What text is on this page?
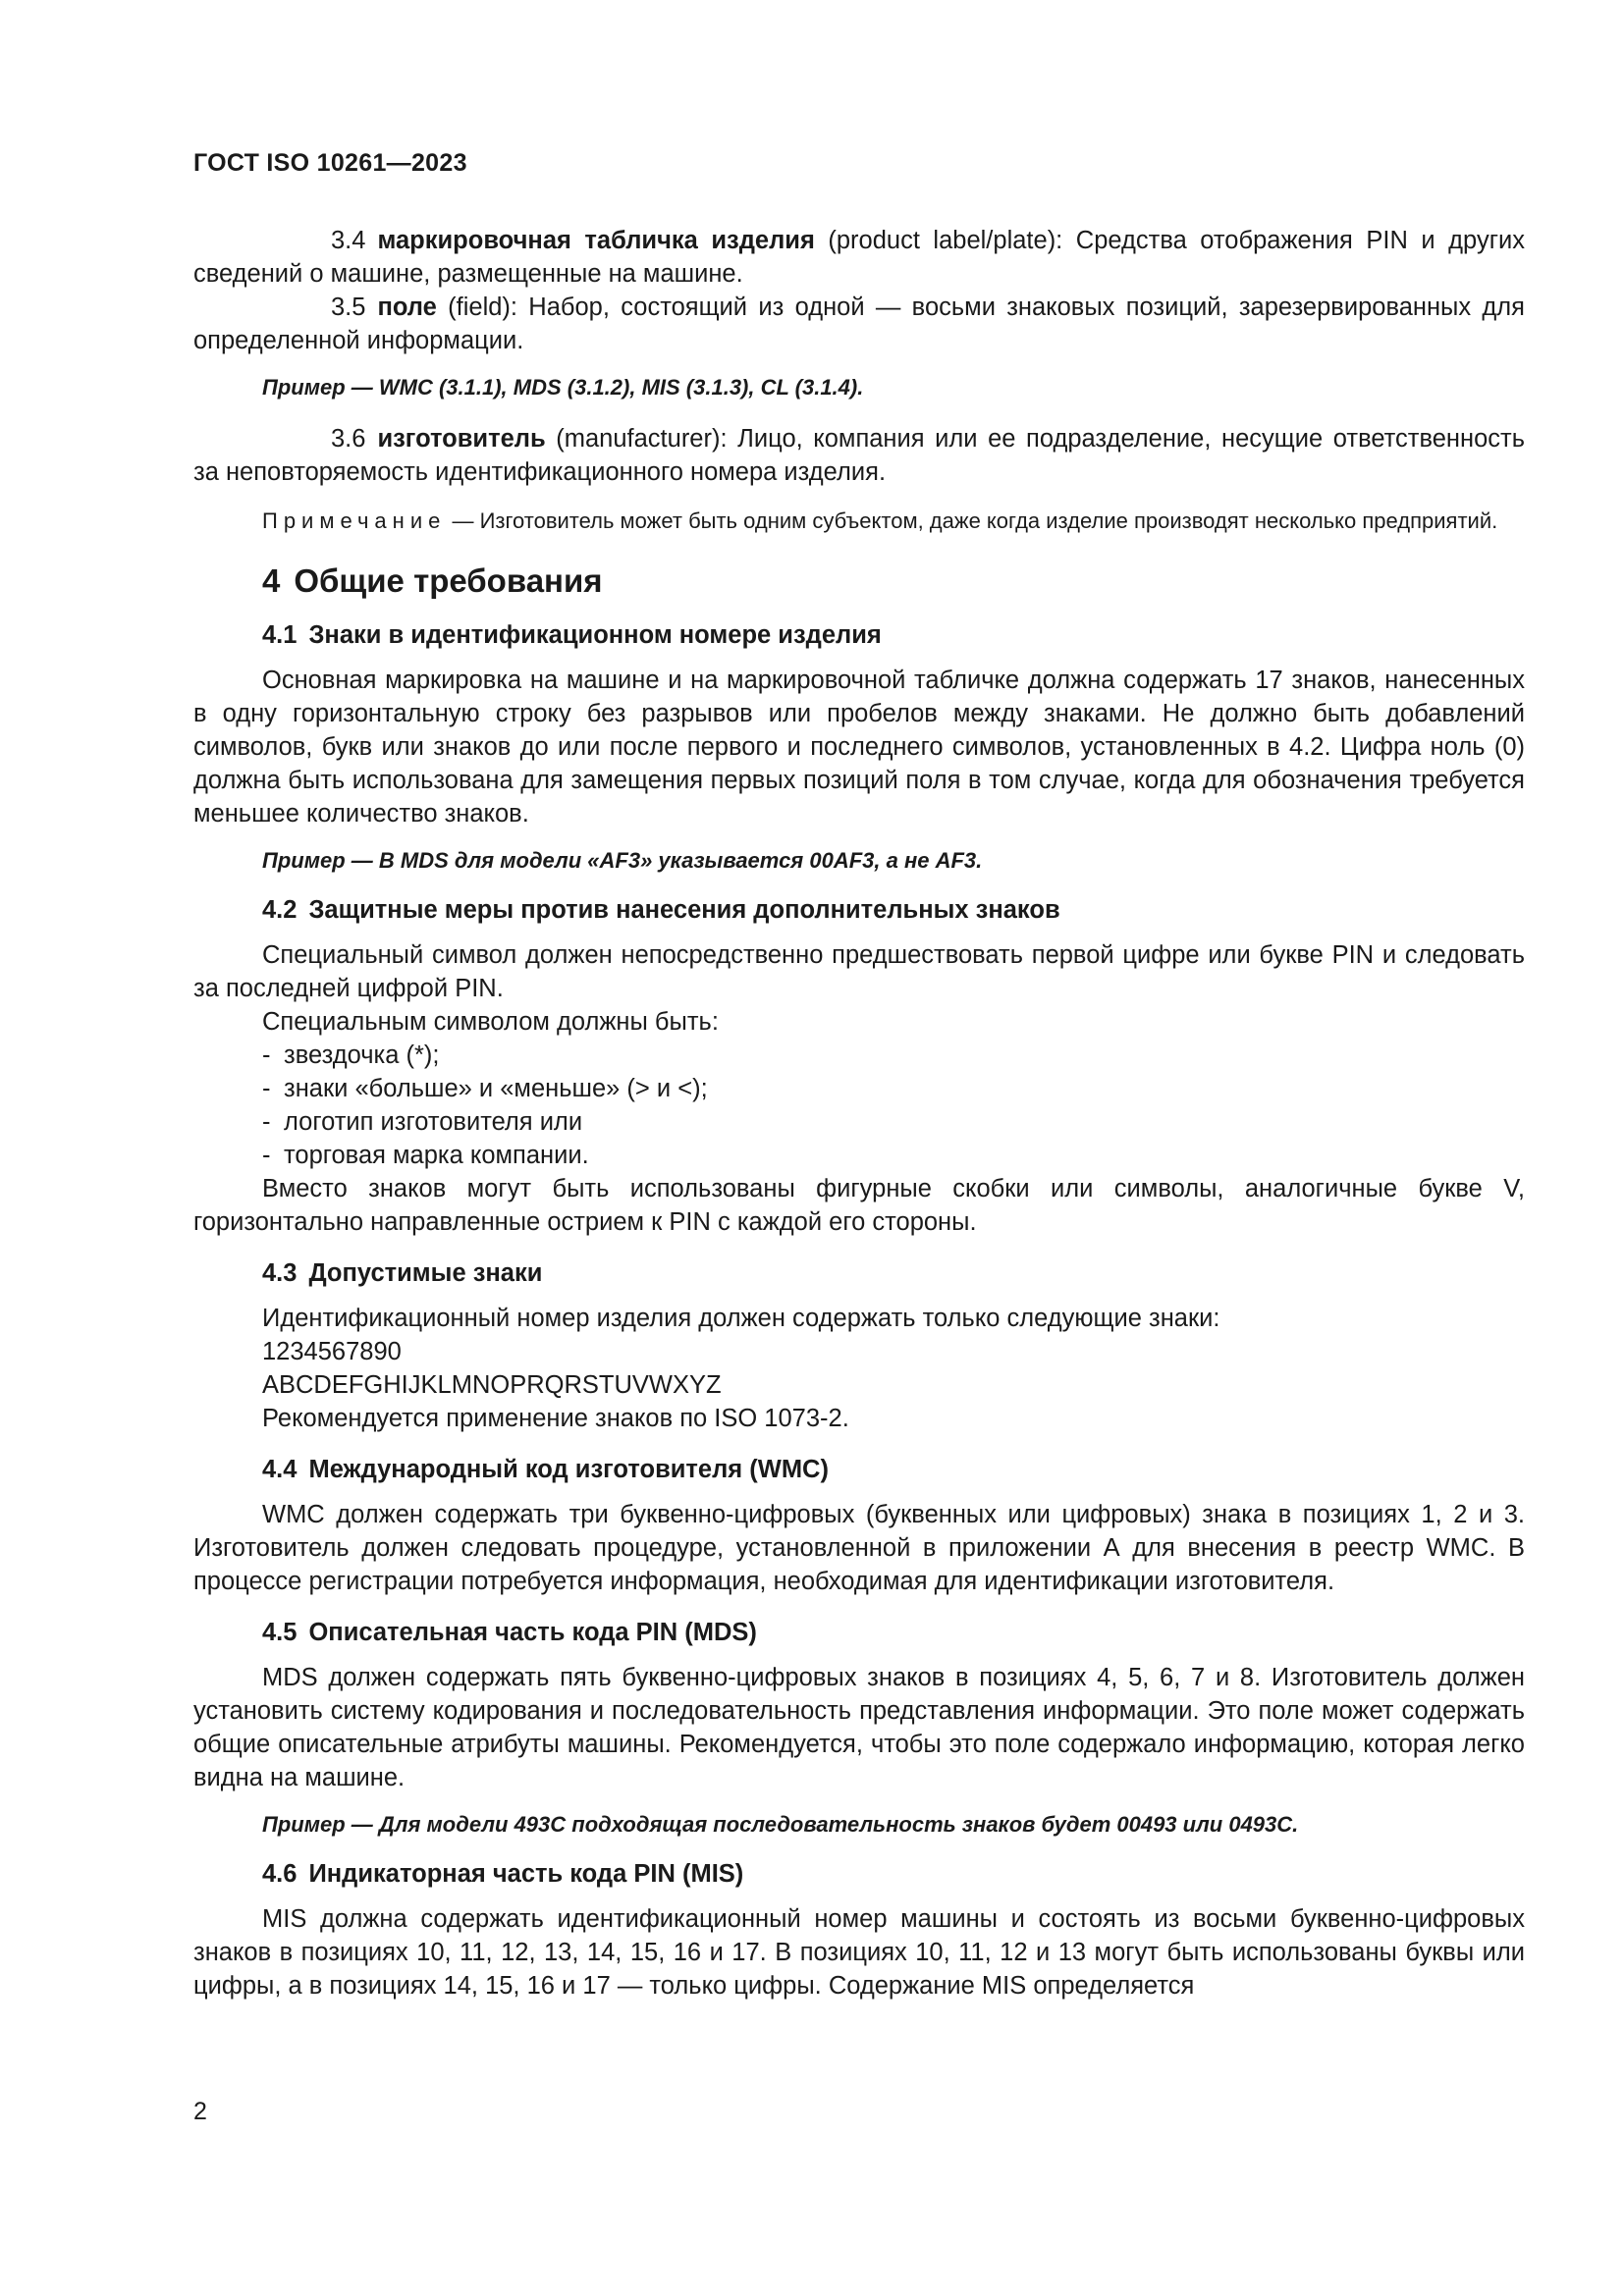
ГОСТ ISO 10261—2023

3.4 маркировочная табличка изделия (product label/plate): Средства отображения PIN и других сведений о машине, размещенные на машине.

3.5 поле (field): Набор, состоящий из одной — восьми знаковых позиций, зарезервированных для определенной информации.

Пример — WMC (3.1.1), MDS (3.1.2), MIS (3.1.3), CL (3.1.4).

3.6 изготовитель (manufacturer): Лицо, компания или ее подразделение, несущие ответственность за неповторяемость идентификационного номера изделия.

Примечание — Изготовитель может быть одним субъектом, даже когда изделие производят несколько предприятий.

4 Общие требования

4.1 Знаки в идентификационном номере изделия

Основная маркировка на машине и на маркировочной табличке должна содержать 17 знаков, нанесенных в одну горизонтальную строку без разрывов или пробелов между знаками. Не должно быть добавлений символов, букв или знаков до или после первого и последнего символов, установленных в 4.2. Цифра ноль (0) должна быть использована для замещения первых позиций поля в том случае, когда для обозначения требуется меньшее количество знаков.

Пример — В MDS для модели «AF3» указывается 00AF3, а не AF3.

4.2 Защитные меры против нанесения дополнительных знаков

Специальный символ должен непосредственно предшествовать первой цифре или букве PIN и следовать за последней цифрой PIN.

Специальным символом должны быть:

- звездочка (*);
- знаки «больше» и «меньше» (> и <);
- логотип изготовителя или
- торговая марка компании.

Вместо знаков могут быть использованы фигурные скобки или символы, аналогичные букве V, горизонтально направленные острием к PIN с каждой его стороны.

4.3 Допустимые знаки

Идентификационный номер изделия должен содержать только следующие знаки:

1234567890

ABCDEFGHIJKLMNOPRQRSTUVWXYZ

Рекомендуется применение знаков по ISO 1073-2.

4.4 Международный код изготовителя (WMC)

WMC должен содержать три буквенно-цифровых (буквенных или цифровых) знака в позициях 1, 2 и 3. Изготовитель должен следовать процедуре, установленной в приложении А для внесения в реестр WMC. В процессе регистрации потребуется информация, необходимая для идентификации изготовителя.

4.5 Описательная часть кода PIN (MDS)

MDS должен содержать пять буквенно-цифровых знаков в позициях 4, 5, 6, 7 и 8. Изготовитель должен установить систему кодирования и последовательность представления информации. Это поле может содержать общие описательные атрибуты машины. Рекомендуется, чтобы это поле содержало информацию, которая легко видна на машине.

Пример — Для модели 493C подходящая последовательность знаков будет 00493 или 0493C.

4.6 Индикаторная часть кода PIN (MIS)

MIS должна содержать идентификационный номер машины и состоять из восьми буквенно-цифровых знаков в позициях 10, 11, 12, 13, 14, 15, 16 и 17. В позициях 10, 11, 12 и 13 могут быть использованы буквы или цифры, а в позициях 14, 15, 16 и 17 — только цифры. Содержание MIS определяется

2
